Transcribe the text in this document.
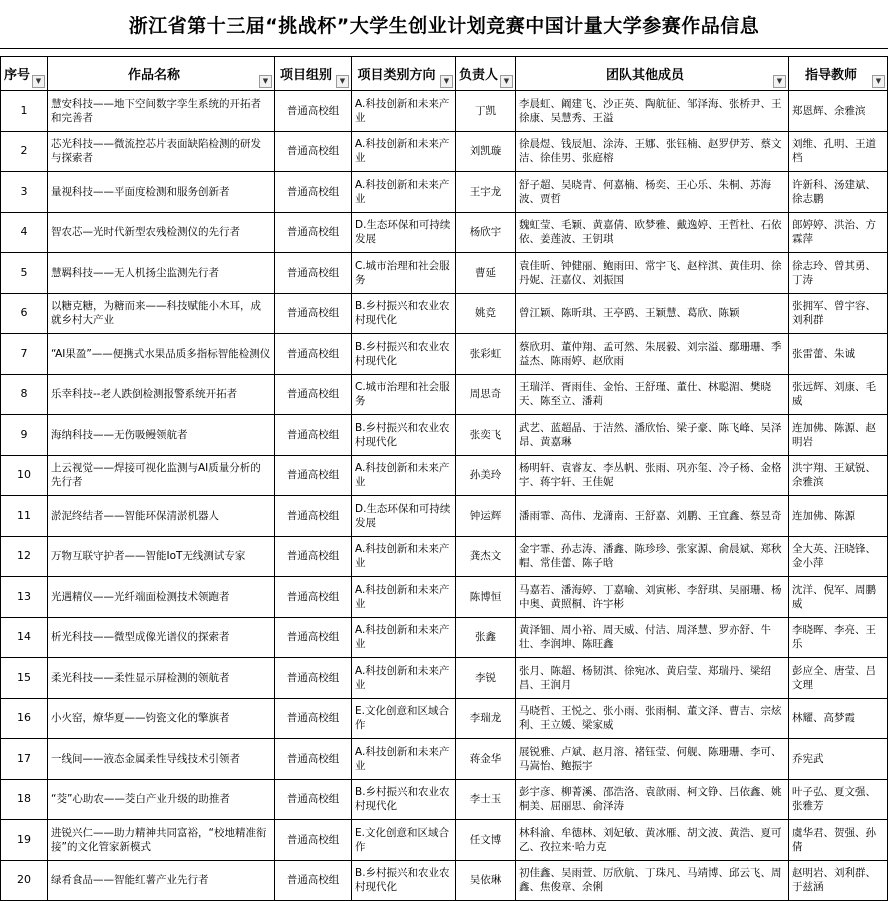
浙江省第十三届“挑战杯”大学生创业计划竞赛中国计量大学参赛作品信息
序号 ▼	作品名称 ▼	项目组别 ▼	项目类别方向 ▼	负责人 ▼	团队其他成员 ▼	指导教师 ▼

1	慧安科技——地下空间数字孪生系统的开拓者和完善者	普通高校组	A.科技创新和未来产业	丁凯	李晨虹、阚建飞、沙正英、陶航征、邹泽海、张桥尹、王徐康、吴慧秀、王溢	郑恩辉、余雅滨
2	芯光科技——微流控芯片表面缺陷检测的研发与探索者	普通高校组	A.科技创新和未来产业	刘凯璇	徐晨煜、钱辰旭、涂涛、王娜、张钰楠、赵罗伊芳、蔡文洁、徐佳男、张庭榕	刘维、孔明、王道档
3	量视科技——平面度检测和服务创新者	普通高校组	A.科技创新和未来产业	王宇龙	舒子超、吴晓青、何嘉楠、杨奕、王心乐、朱桐、苏海波、贾哲	许新科、汤建斌、徐志鹏
4	智农芯—光时代新型农残检测仪的先行者	普通高校组	D.生态环保和可持续发展	杨欣宇	魏虹莹、毛颖、黄嘉倩、欧梦雅、戴逸婷、王哲杜、石依依、姜莲波、王钥琪	郎婷婷、洪治、方霖萍
5	慧羁科技——无人机扬尘监测先行者	普通高校组	C.城市治理和社会服务	曹延	袁佳昕、钟健丽、鲍雨田、常宇飞、赵梓淇、黄佳玥、徐丹妮、汪嘉仪、刘振国	徐志玲、曾其勇、丁涛
6	以糖克糖，为糖而来——科技赋能小木耳，成就乡村大产业	普通高校组	B.乡村振兴和农业农村现代化	姚竞	曾江颖、陈昕琪、王亭鸥、王颖慧、葛欣、陈颖	张拥军、曾宇容、刘利群
7	“AI果盈”——便携式水果品质多指标智能检测仪	普通高校组	B.乡村振兴和农业农村现代化	张彩虹	蔡欣玥、董仲翔、孟可然、朱展毅、刘宗溢、鄢珊珊、季益杰、陈雨婷、赵欣雨	张雷蕾、朱诚
8	乐幸科技--老人跌倒检测报警系统开拓者	普通高校组	C.城市治理和社会服务	周思奇	王瑞洋、胥雨佳、金怡、王舒瑾、董仕、林聪湄、樊晓天、陈至立、潘莉	张远辉、刘康、毛威
9	海纳科技——无伤吸鳗领航者	普通高校组	B.乡村振兴和农业农村现代化	张奕飞	武艺、蓝超晶、于洁然、潘欣怡、梁子豪、陈飞峰、吴泽昂、黄嘉琳	连加佛、陈源、赵明岩
10	上云视觉——焊接可视化监测与AI质量分析的先行者	普通高校组	A.科技创新和未来产业	孙美玲	杨明轩、袁睿友、李丛帆、张雨、巩亦玺、冷子杨、金格宇、蒋宇轩、王佳妮	洪宇翔、王斌锐、余雅滨
11	淤泥终结者——智能环保清淤机器人	普通高校组	D.生态环保和可持续发展	钟运辉	潘雨霏、高伟、龙潇南、王舒嘉、刘鹏、王宜鑫、蔡昱奇	连加佛、陈源
12	万物互联守护者——智能IoT无线测试专家	普通高校组	A.科技创新和未来产业	龚杰文	金宇霏、孙志涛、潘鑫、陈珍珍、张家源、俞晨斌、郑秋帽、常佳蕾、陈子晗	全大英、汪晓锋、金小萍
13	光遇精仪——光纤端面检测技术领跑者	普通高校组	A.科技创新和未来产业	陈博恒	马嘉若、潘海婷、丁嘉喻、刘寅彬、李舒琪、吴丽珊、杨中奥、黄照桐、许宇彬	沈洋、倪军、周鹏威
14	析光科技——微型成像光谱仪的探索者	普通高校组	A.科技创新和未来产业	张鑫	黄泽钿、周小裕、周天威、付洁、周泽慧、罗亦舒、牛壮、李润坤、陈旺鑫	李晓晖、李亮、王乐
15	柔光科技——柔性显示屏检测的领航者	普通高校组	A.科技创新和未来产业	李锐	张月、陈超、杨韧淇、徐宛冰、黄启莹、郑瑞丹、梁绍昌、王润月	彭应全、唐莹、吕文理
16	小火窑，燎华夏——钧瓷文化的擎旗者	普通高校组	E.文化创意和区域合作	李瑞龙	马晓哲、王悦之、张小雨、张雨桐、董文泽、曹吉、宗炫利、王立媛、梁家威	林耀、高梦霞
17	一线间——液态金属柔性导线技术引领者	普通高校组	A.科技创新和未来产业	蒋金华	展锐雅、卢斌、赵月溶、褚钰莹、何舰、陈珊珊、李可、马嵩怡、鲍振宇	乔宪武
18	“茭”心助农——茭白产业升级的助推者	普通高校组	B.乡村振兴和农业农村现代化	李士玉	彭宇彦、柳菁溪、邵浩洛、袁歆雨、柯文铮、吕依鑫、姚桐美、屈丽思、俞泽涛	叶子弘、夏文强、张雅芳
19	进锐兴仁——助力精神共同富裕，“校地精准衔接”的文化管家新模式	普通高校组	E.文化创意和区域合作	任文博	林科渝、牟德林、刘妃敏、黄冰雁、胡文波、黄浩、夏可乙、孜拉来·哈力克	虞华君、贺强、孙倩
20	绿肴食品——智能红薯产业先行者	普通高校组	B.乡村振兴和农业农村现代化	吴依琳	初佳鑫、吴雨萱、厉欣航、丁珠凡、马靖博、邱云飞、周鑫、焦俊章、余俐	赵明岩、刘利群、于兹涵
